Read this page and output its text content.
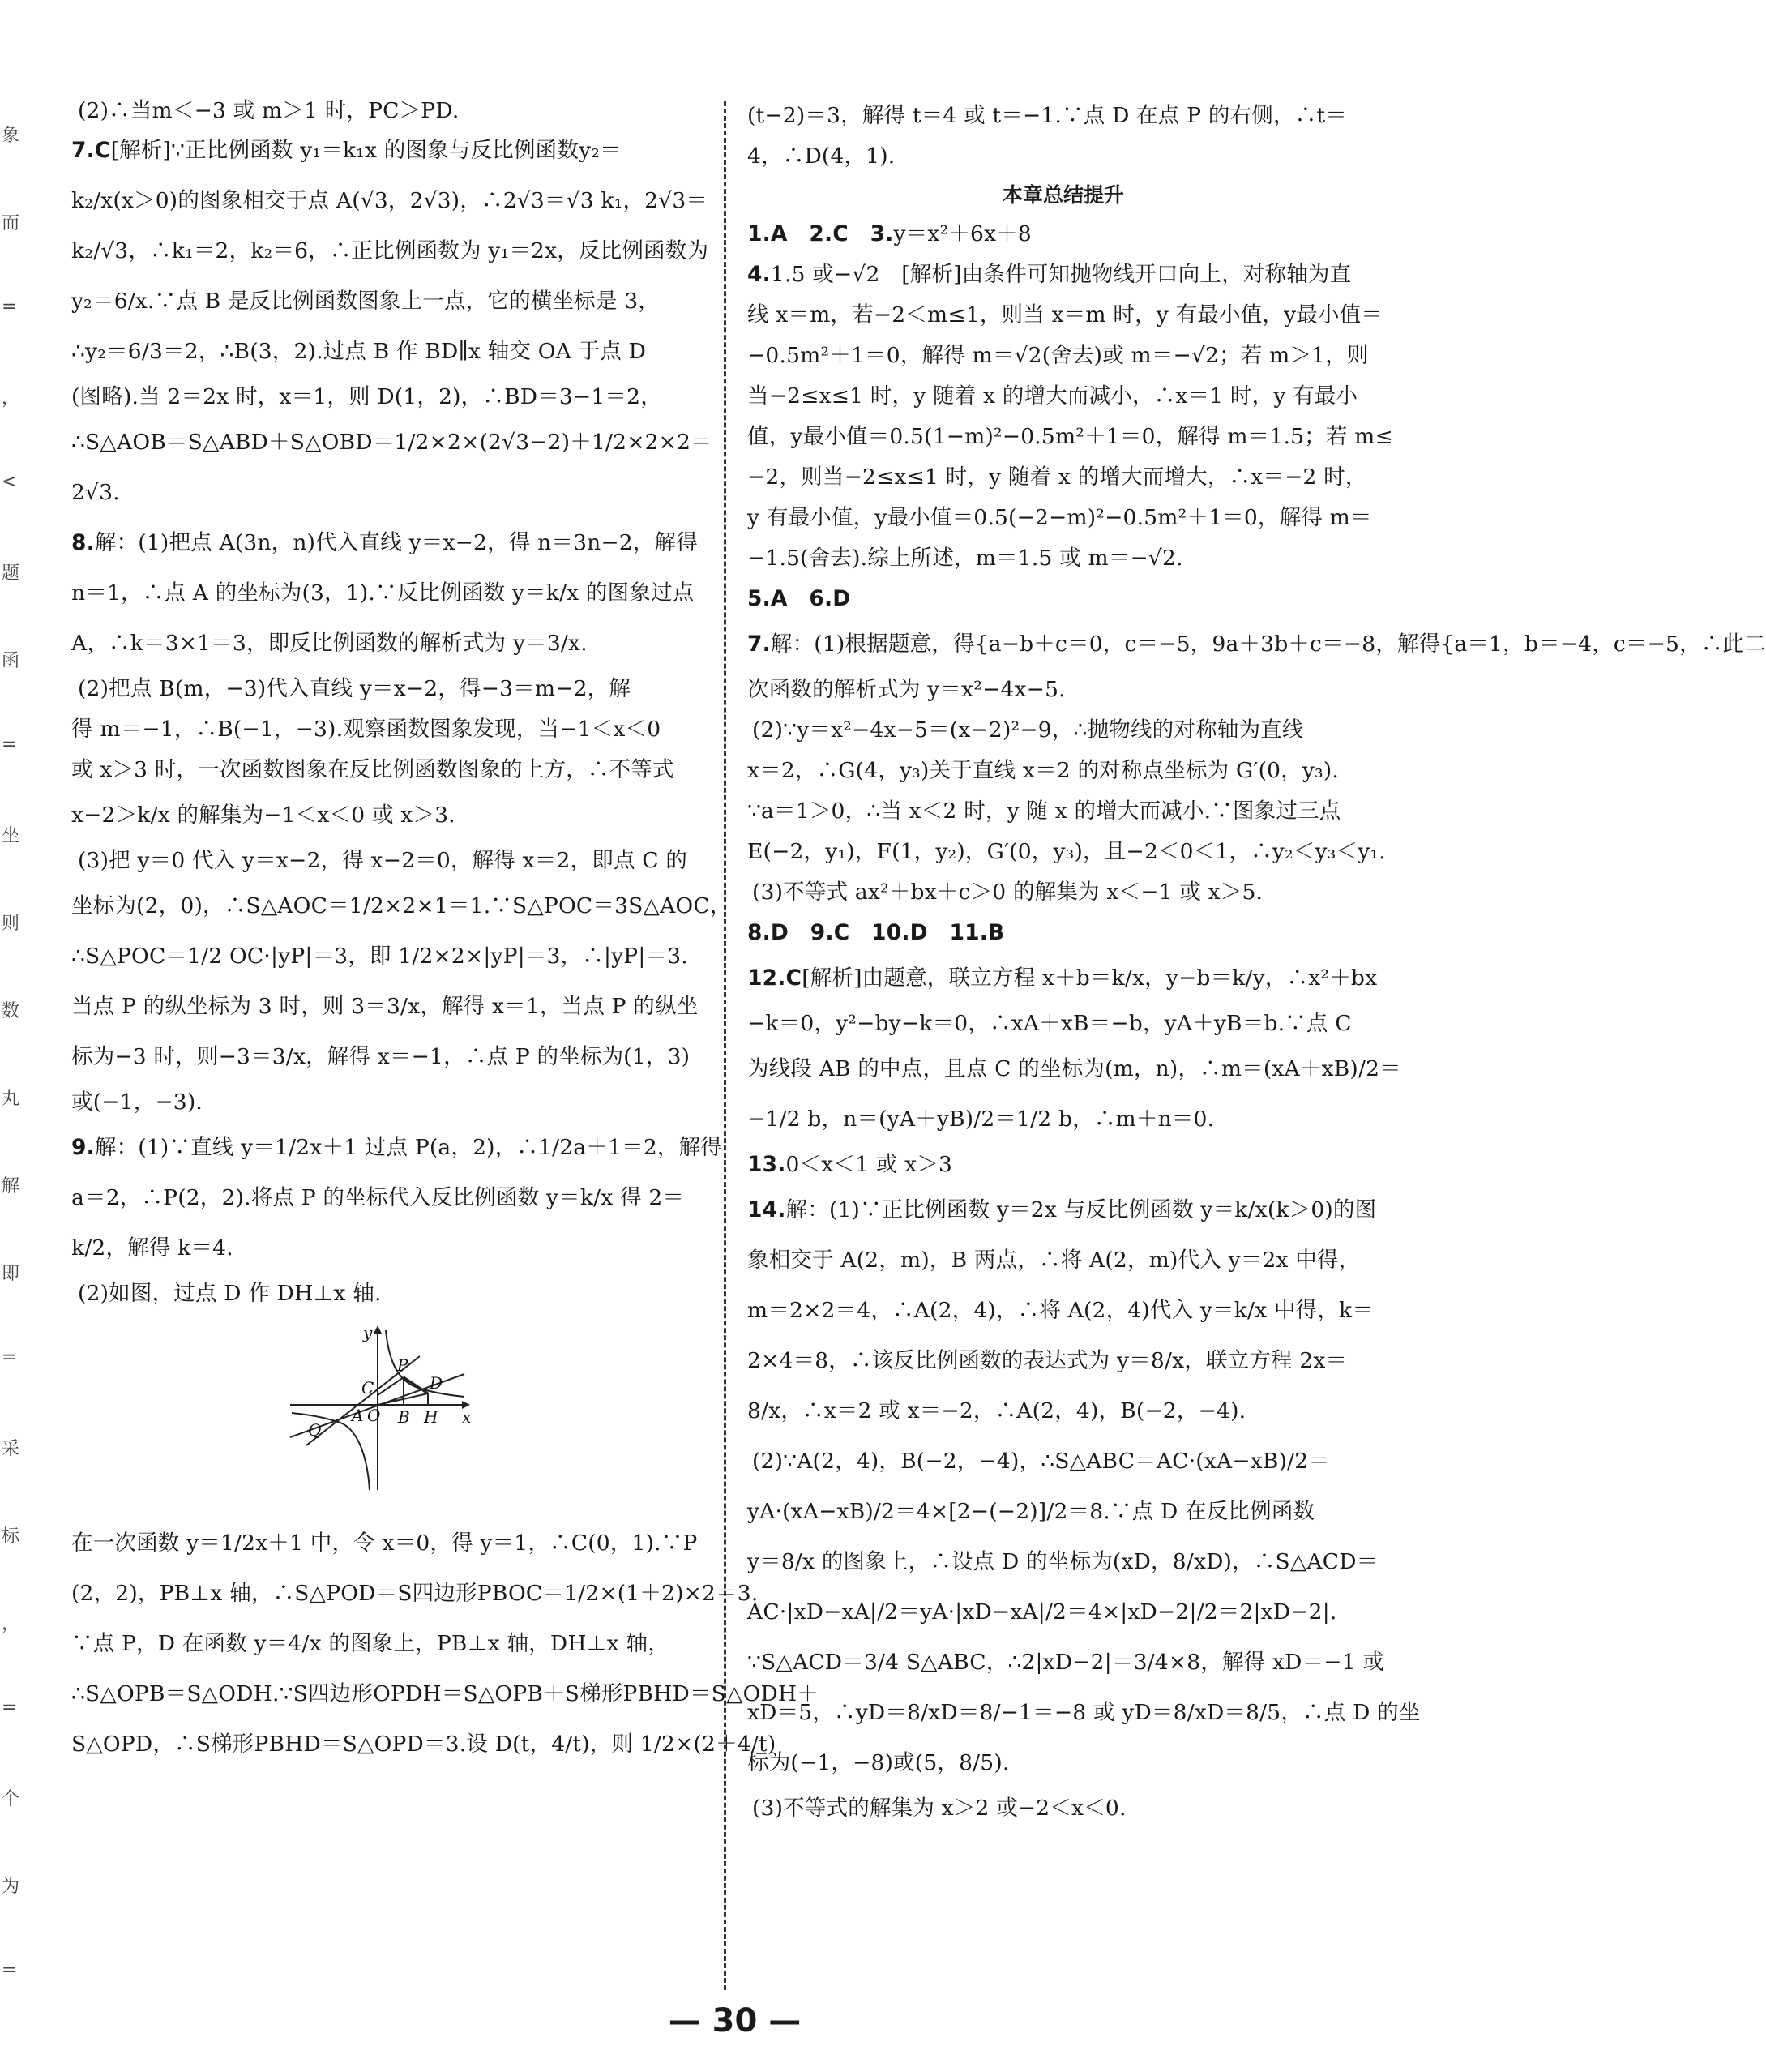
象
而
=
，
<
题
函
=
坐
则
数
丸
解
即
=
采
标
，
=
个
为
=
(2)∴当m＜−3 或 m＞1 时，PC＞PD.
7.C[解析]∵正比例函数 y₁＝k₁x 的图象与反比例函数y₂＝
k₂/x(x＞0)的图象相交于点 A(√3，2√3)，∴2√3＝√3 k₁，2√3＝
k₂/√3，∴k₁＝2，k₂＝6，∴正比例函数为 y₁＝2x，反比例函数为
y₂＝6/x.∵点 B 是反比例函数图象上一点，它的横坐标是 3，
∴y₂＝6/3＝2，∴B(3，2).过点 B 作 BD∥x 轴交 OA 于点 D
(图略).当 2＝2x 时，x＝1，则 D(1，2)，∴BD＝3−1＝2，
∴S△AOB＝S△ABD＋S△OBD＝1/2×2×(2√3−2)＋1/2×2×2＝
2√3.
8.解：(1)把点 A(3n，n)代入直线 y＝x−2，得 n＝3n−2，解得
n＝1，∴点 A 的坐标为(3，1).∵反比例函数 y＝k/x 的图象过点
A，∴k＝3×1＝3，即反比例函数的解析式为 y＝3/x.
(2)把点 B(m，−3)代入直线 y＝x−2，得−3＝m−2，解
得 m＝−1，∴B(−1，−3).观察函数图象发现，当−1＜x＜0
或 x＞3 时，一次函数图象在反比例函数图象的上方，∴不等式
x−2＞k/x 的解集为−1＜x＜0 或 x＞3.
(3)把 y＝0 代入 y＝x−2，得 x−2＝0，解得 x＝2，即点 C 的
坐标为(2，0)，∴S△AOC＝1/2×2×1＝1.∵S△POC＝3S△AOC，
∴S△POC＝1/2 OC·|yP|＝3，即 1/2×2×|yP|＝3，∴|yP|＝3.
当点 P 的纵坐标为 3 时，则 3＝3/x，解得 x＝1，当点 P 的纵坐
标为−3 时，则−3＝3/x，解得 x＝−1，∴点 P 的坐标为(1，3)
或(−1，−3).
9.解：(1)∵直线 y＝1/2x＋1 过点 P(a，2)，∴1/2a＋1＝2，解得
a＝2，∴P(2，2).将点 P 的坐标代入反比例函数 y＝k/x 得 2＝
k/2，解得 k＝4.
(2)如图，过点 D 作 DH⊥x 轴.
y
x
P
C	D
A O B H
Q
在一次函数 y＝1/2x＋1 中，令 x＝0，得 y＝1，∴C(0，1).∵P
(2，2)，PB⊥x 轴，∴S△POD＝S四边形PBOC＝1/2×(1＋2)×2＝3.
∵点 P，D 在函数 y＝4/x 的图象上，PB⊥x 轴，DH⊥x 轴，
∴S△OPB＝S△ODH.∵S四边形OPDH＝S△OPB＋S梯形PBHD＝S△ODH＋
S△OPD，∴S梯形PBHD＝S△OPD＝3.设 D(t，4/t)，则 1/2×(2＋4/t)
(t−2)＝3，解得 t＝4 或 t＝−1.∵点 D 在点 P 的右侧，∴t＝
4，∴D(4，1).
本章总结提升
1.A　2.C　3.y＝x²＋6x＋8
4.1.5 或−√2　[解析]由条件可知抛物线开口向上，对称轴为直
线 x＝m，若−2＜m≤1，则当 x＝m 时，y 有最小值，y最小值＝
−0.5m²＋1＝0，解得 m＝√2(舍去)或 m＝−√2；若 m＞1，则
当−2≤x≤1 时，y 随着 x 的增大而减小，∴x＝1 时，y 有最小
值，y最小值＝0.5(1−m)²−0.5m²＋1＝0，解得 m＝1.5；若 m≤
−2，则当−2≤x≤1 时，y 随着 x 的增大而增大，∴x＝−2 时，
y 有最小值，y最小值＝0.5(−2−m)²−0.5m²＋1＝0，解得 m＝
−1.5(舍去).综上所述，m＝1.5 或 m＝−√2.
5.A　6.D
7.解：(1)根据题意，得{a−b＋c＝0，c＝−5，9a＋3b＋c＝−8，解得{a＝1，b＝−4，c＝−5，∴此二
次函数的解析式为 y＝x²−4x−5.
(2)∵y＝x²−4x−5＝(x−2)²−9，∴抛物线的对称轴为直线
x＝2，∴G(4，y₃)关于直线 x＝2 的对称点坐标为 G′(0，y₃).
∵a＝1＞0，∴当 x＜2 时，y 随 x 的增大而减小.∵图象过三点
E(−2，y₁)，F(1，y₂)，G′(0，y₃)，且−2＜0＜1，∴y₂＜y₃＜y₁.
(3)不等式 ax²＋bx＋c＞0 的解集为 x＜−1 或 x＞5.
8.D　9.C　10.D　11.B
12.C[解析]由题意，联立方程 x＋b＝k/x，y−b＝k/y，∴x²＋bx
−k＝0，y²−by−k＝0，∴xA＋xB＝−b，yA＋yB＝b.∵点 C
为线段 AB 的中点，且点 C 的坐标为(m，n)，∴m＝(xA＋xB)/2＝
−1/2 b，n＝(yA＋yB)/2＝1/2 b，∴m＋n＝0.
13.0＜x＜1 或 x＞3
14.解：(1)∵正比例函数 y＝2x 与反比例函数 y＝k/x(k＞0)的图
象相交于 A(2，m)，B 两点，∴将 A(2，m)代入 y＝2x 中得，
m＝2×2＝4，∴A(2，4)，∴将 A(2，4)代入 y＝k/x 中得，k＝
2×4＝8，∴该反比例函数的表达式为 y＝8/x，联立方程 2x＝
8/x，∴x＝2 或 x＝−2，∴A(2，4)，B(−2，−4).
(2)∵A(2，4)，B(−2，−4)，∴S△ABC＝AC·(xA−xB)/2＝
yA·(xA−xB)/2＝4×[2−(−2)]/2＝8.∵点 D 在反比例函数
y＝8/x 的图象上，∴设点 D 的坐标为(xD，8/xD)，∴S△ACD＝
AC·|xD−xA|/2＝yA·|xD−xA|/2＝4×|xD−2|/2＝2|xD−2|.
∵S△ACD＝3/4 S△ABC，∴2|xD−2|＝3/4×8，解得 xD＝−1 或
xD＝5，∴yD＝8/xD＝8/−1＝−8 或 yD＝8/xD＝8/5，∴点 D 的坐
标为(−1，−8)或(5，8/5).
(3)不等式的解集为 x＞2 或−2＜x＜0.
— 30 —
